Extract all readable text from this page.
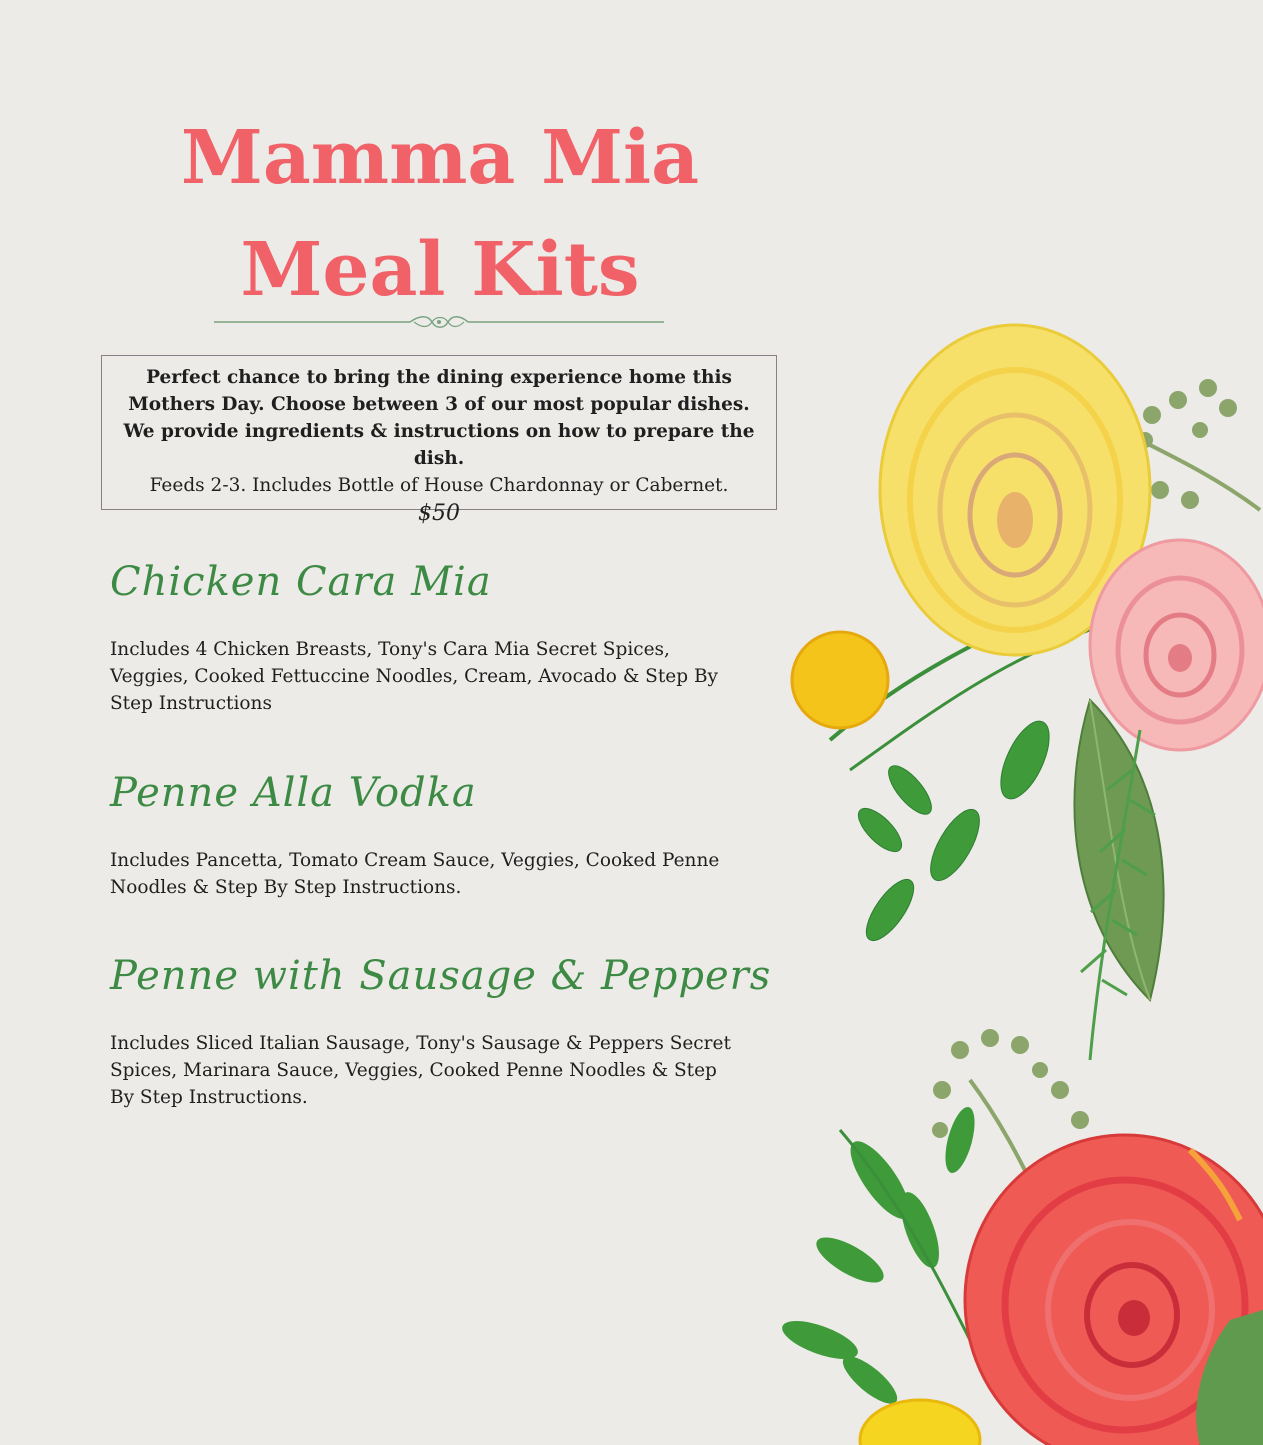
Mamma Mia
Meal Kits
Perfect chance to bring the dining experience home this Mothers Day. Choose between 3 of our most popular dishes. We provide ingredients & instructions on how to prepare the dish.
Feeds 2-3. Includes Bottle of House Chardonnay or Cabernet.
$50
Chicken Cara Mia

Includes 4 Chicken Breasts, Tony's Cara Mia Secret Spices, Veggies, Cooked Fettuccine Noodles, Cream, Avocado & Step By Step Instructions

Penne Alla Vodka

Includes Pancetta, Tomato Cream Sauce, Veggies, Cooked Penne Noodles & Step By Step Instructions.

Penne with Sausage & Peppers

Includes Sliced Italian Sausage, Tony's Sausage & Peppers Secret Spices, Marinara Sauce, Veggies, Cooked Penne Noodles & Step By Step Instructions.
